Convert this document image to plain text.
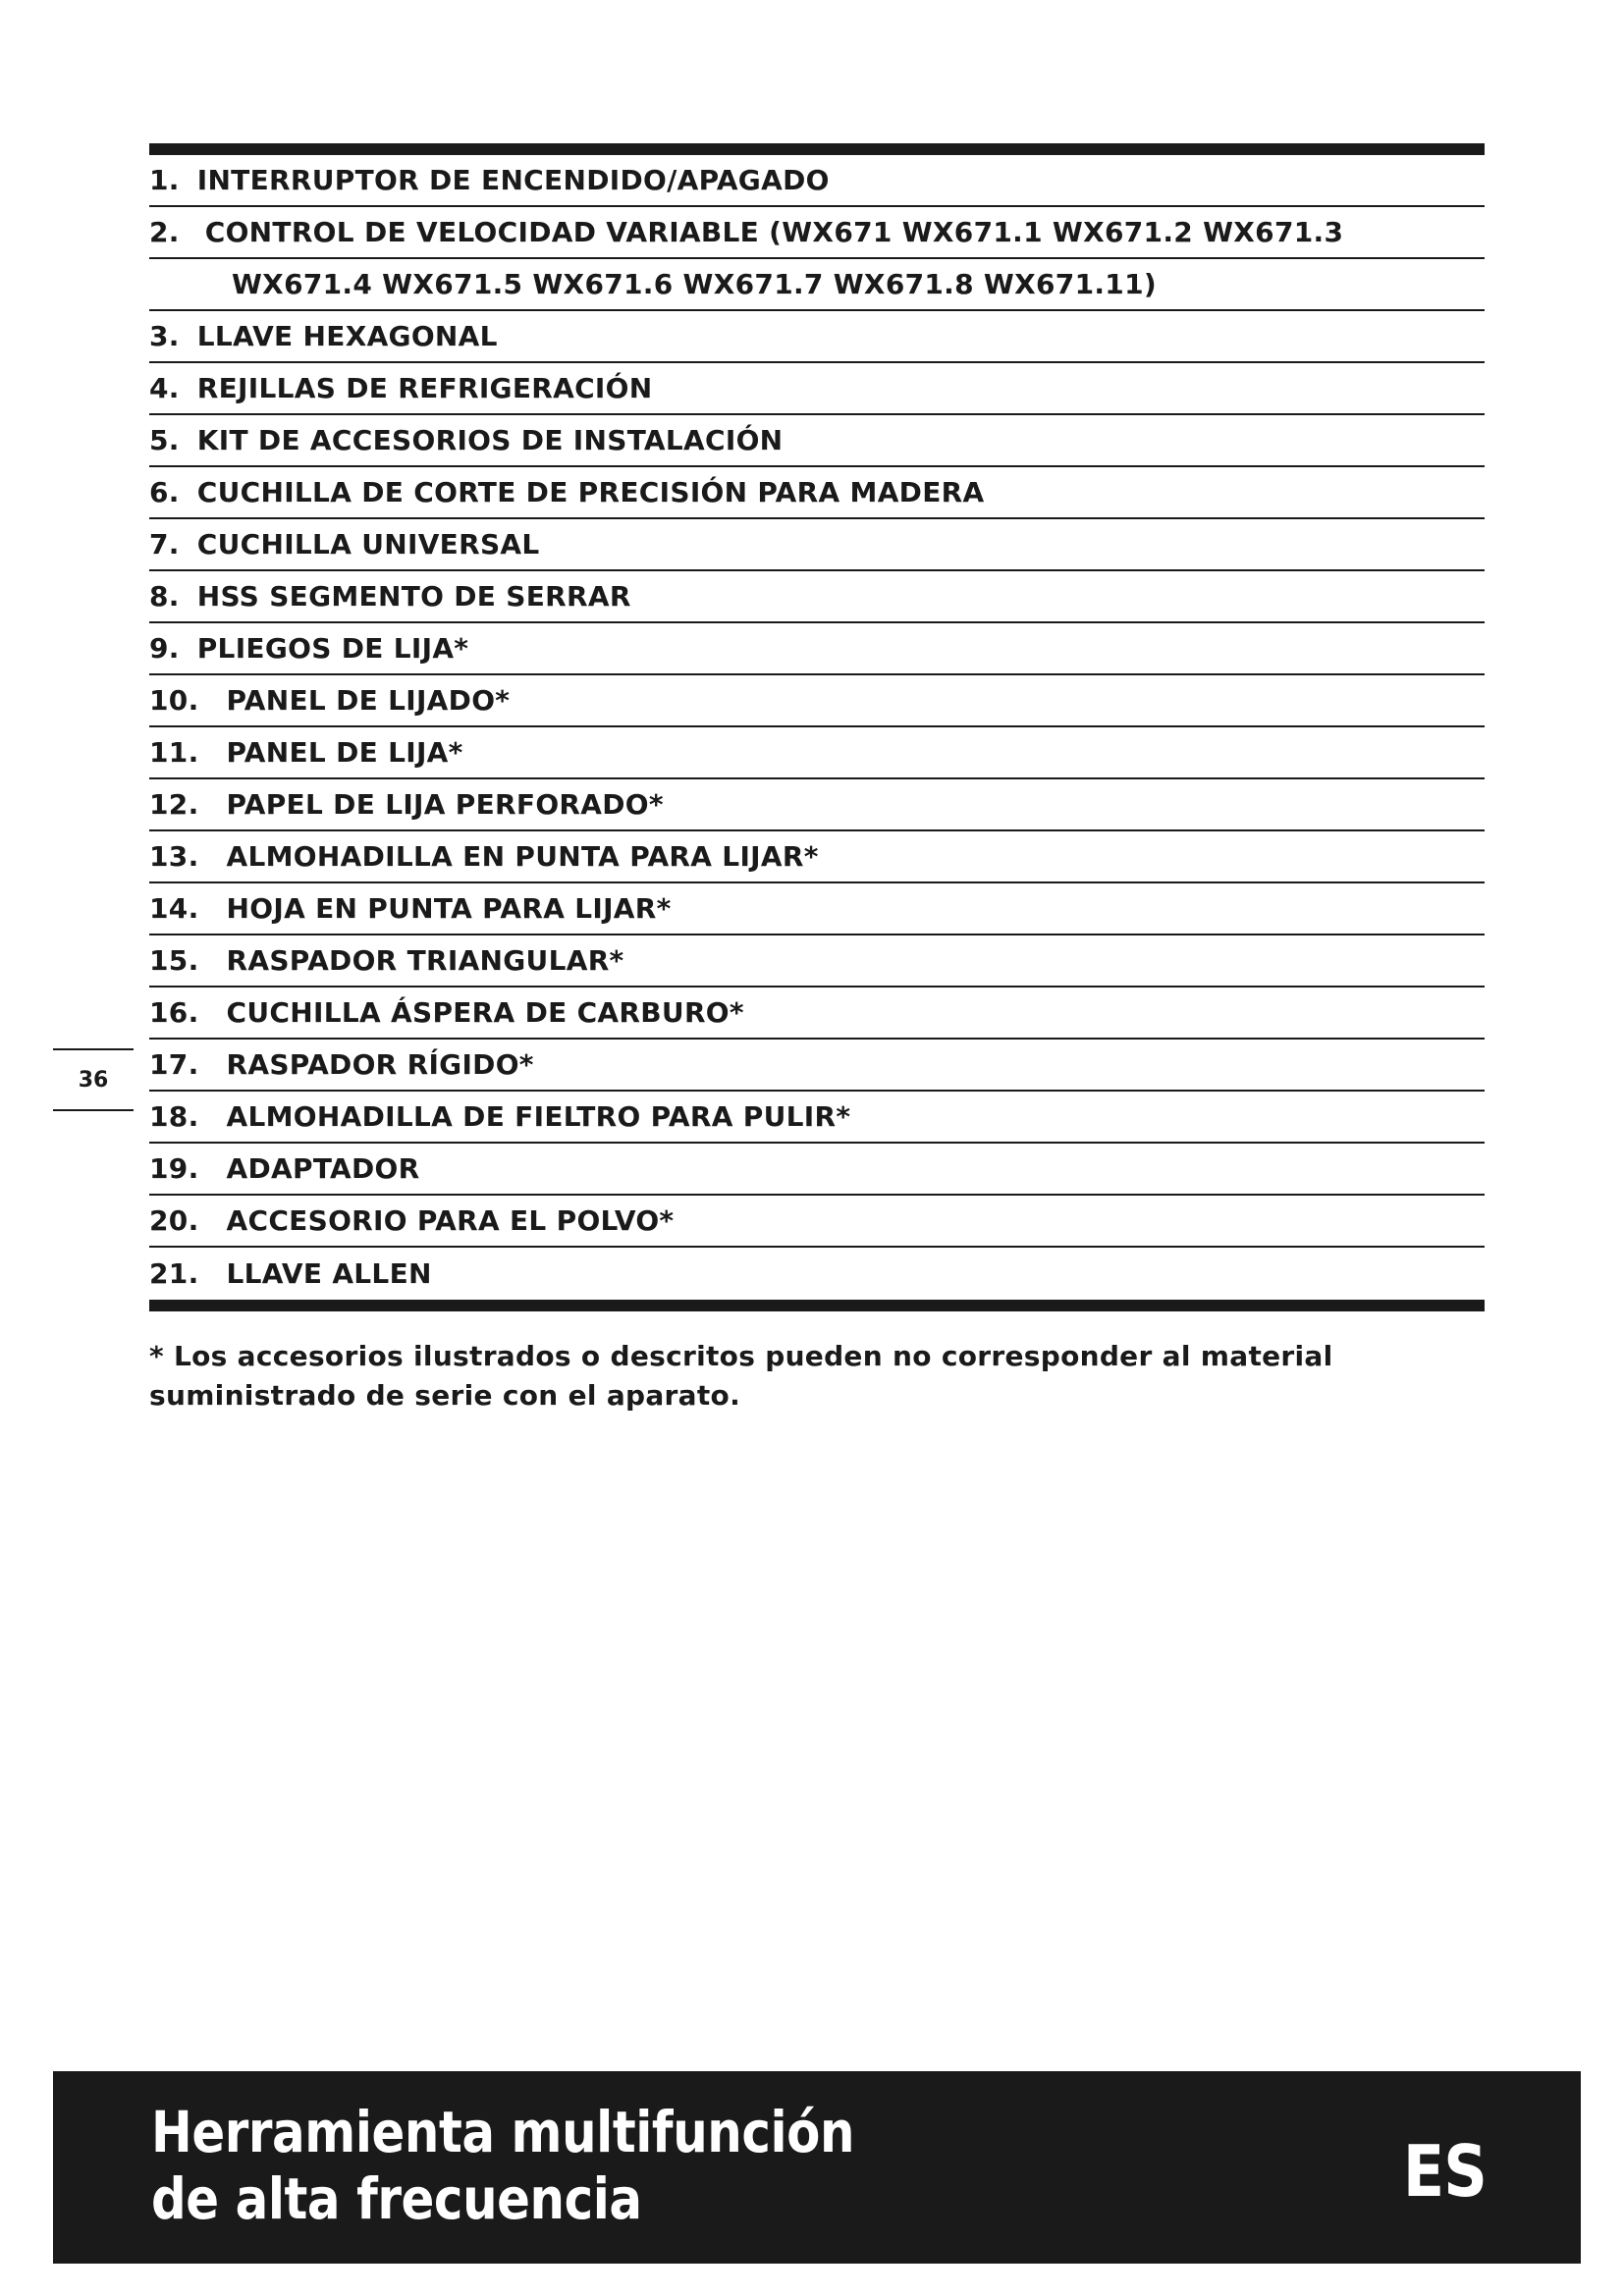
1. INTERRUPTOR DE ENCENDIDO/APAGADO
2. CONTROL DE VELOCIDAD VARIABLE (WX671 WX671.1 WX671.2 WX671.3
WX671.4 WX671.5 WX671.6 WX671.7 WX671.8 WX671.11)
3. LLAVE HEXAGONAL
4. REJILLAS DE REFRIGERACIÓN
5. KIT DE ACCESORIOS DE INSTALACIÓN
6. CUCHILLA DE CORTE DE PRECISIÓN PARA MADERA
7. CUCHILLA UNIVERSAL
8. HSS SEGMENTO DE SERRAR
9. PLIEGOS DE LIJA*
10. PANEL DE LIJADO*
11. PANEL DE LIJA*
12. PAPEL DE LIJA PERFORADO*
13. ALMOHADILLA EN PUNTA PARA LIJAR*
14. HOJA EN PUNTA PARA LIJAR*
15. RASPADOR TRIANGULAR*
16. CUCHILLA ÁSPERA DE CARBURO*
17. RASPADOR RÍGIDO*
18. ALMOHADILLA DE FIELTRO PARA PULIR*
19. ADAPTADOR
20. ACCESORIO PARA EL POLVO*
21. LLAVE ALLEN
* Los accesorios ilustrados o descritos pueden no corresponder al material
suministrado de serie con el aparato.
36
Herramienta multifunción
de alta frecuencia	ES
